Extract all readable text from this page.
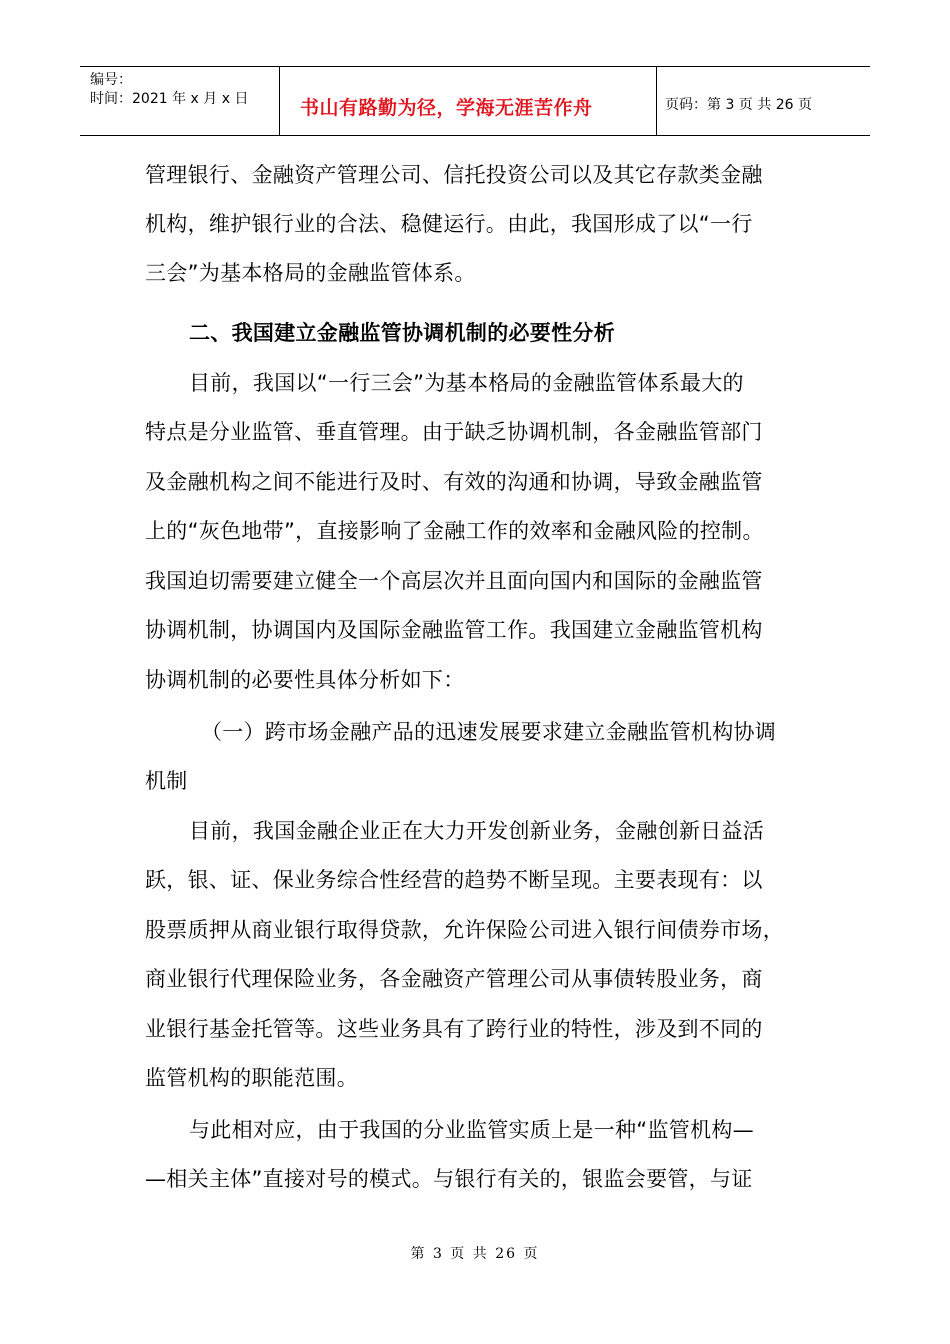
编号：
时间：2021 年 x 月 x 日	书山有路勤为径，学海无涯苦作舟	页码：第 3 页 共 26 页
管理银行、金融资产管理公司、信托投资公司以及其它存款类金融
机构，维护银行业的合法、稳健运行。由此，我国形成了以“一行
三会”为基本格局的金融监管体系。
二、我国建立金融监管协调机制的必要性分析
目前，我国以“一行三会”为基本格局的金融监管体系最大的
特点是分业监管、垂直管理。由于缺乏协调机制，各金融监管部门
及金融机构之间不能进行及时、有效的沟通和协调，导致金融监管
上的“灰色地带”，直接影响了金融工作的效率和金融风险的控制。
我国迫切需要建立健全一个高层次并且面向国内和国际的金融监管
协调机制，协调国内及国际金融监管工作。我国建立金融监管机构
协调机制的必要性具体分析如下：
（一）跨市场金融产品的迅速发展要求建立金融监管机构协调
机制
目前，我国金融企业正在大力开发创新业务，金融创新日益活
跃，银、证、保业务综合性经营的趋势不断呈现。主要表现有：以
股票质押从商业银行取得贷款，允许保险公司进入银行间债券市场，
商业银行代理保险业务，各金融资产管理公司从事债转股业务，商
业银行基金托管等。这些业务具有了跨行业的特性，涉及到不同的
监管机构的职能范围。
与此相对应，由于我国的分业监管实质上是一种“监管机构—
—相关主体”直接对号的模式。与银行有关的，银监会要管，与证
第 3 页 共 26 页
